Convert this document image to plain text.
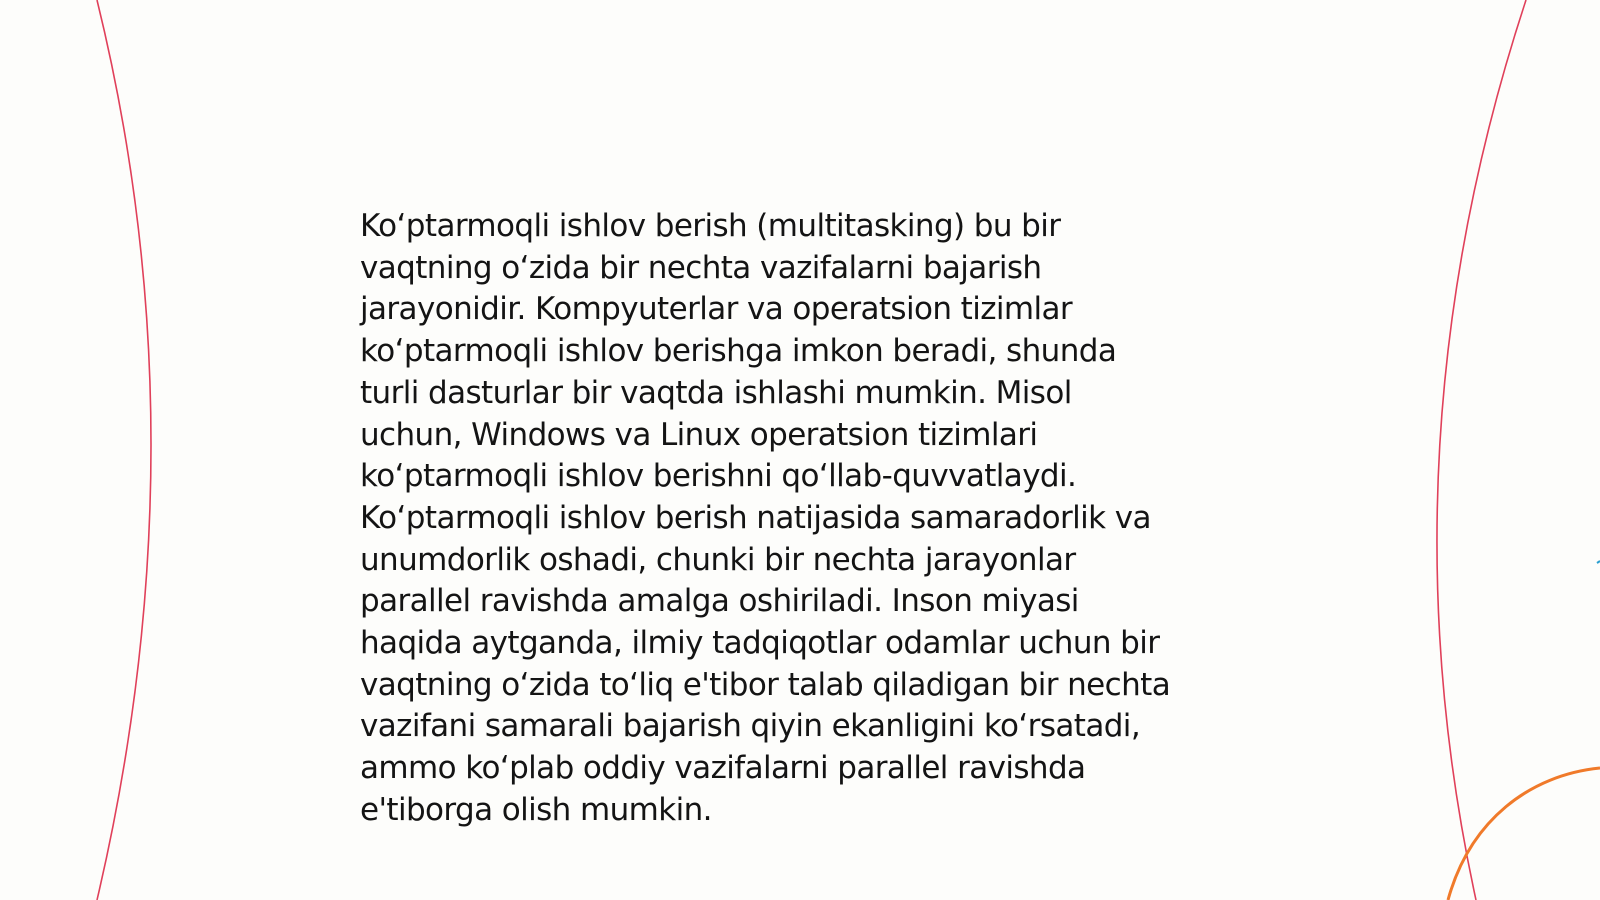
Ko‘ptarmoqli ishlov berish (multitasking) bu bir
vaqtning o‘zida bir nechta vazifalarni bajarish
jarayonidir. Kompyuterlar va operatsion tizimlar
ko‘ptarmoqli ishlov berishga imkon beradi, shunda
turli dasturlar bir vaqtda ishlashi mumkin. Misol
uchun, Windows va Linux operatsion tizimlari
ko‘ptarmoqli ishlov berishni qo‘llab-quvvatlaydi.
Ko‘ptarmoqli ishlov berish natijasida samaradorlik va
unumdorlik oshadi, chunki bir nechta jarayonlar
parallel ravishda amalga oshiriladi. Inson miyasi
haqida aytganda, ilmiy tadqiqotlar odamlar uchun bir
vaqtning o‘zida to‘liq e'tibor talab qiladigan bir nechta
vazifani samarali bajarish qiyin ekanligini ko‘rsatadi,
ammo ko‘plab oddiy vazifalarni parallel ravishda
e'tiborga olish mumkin.
